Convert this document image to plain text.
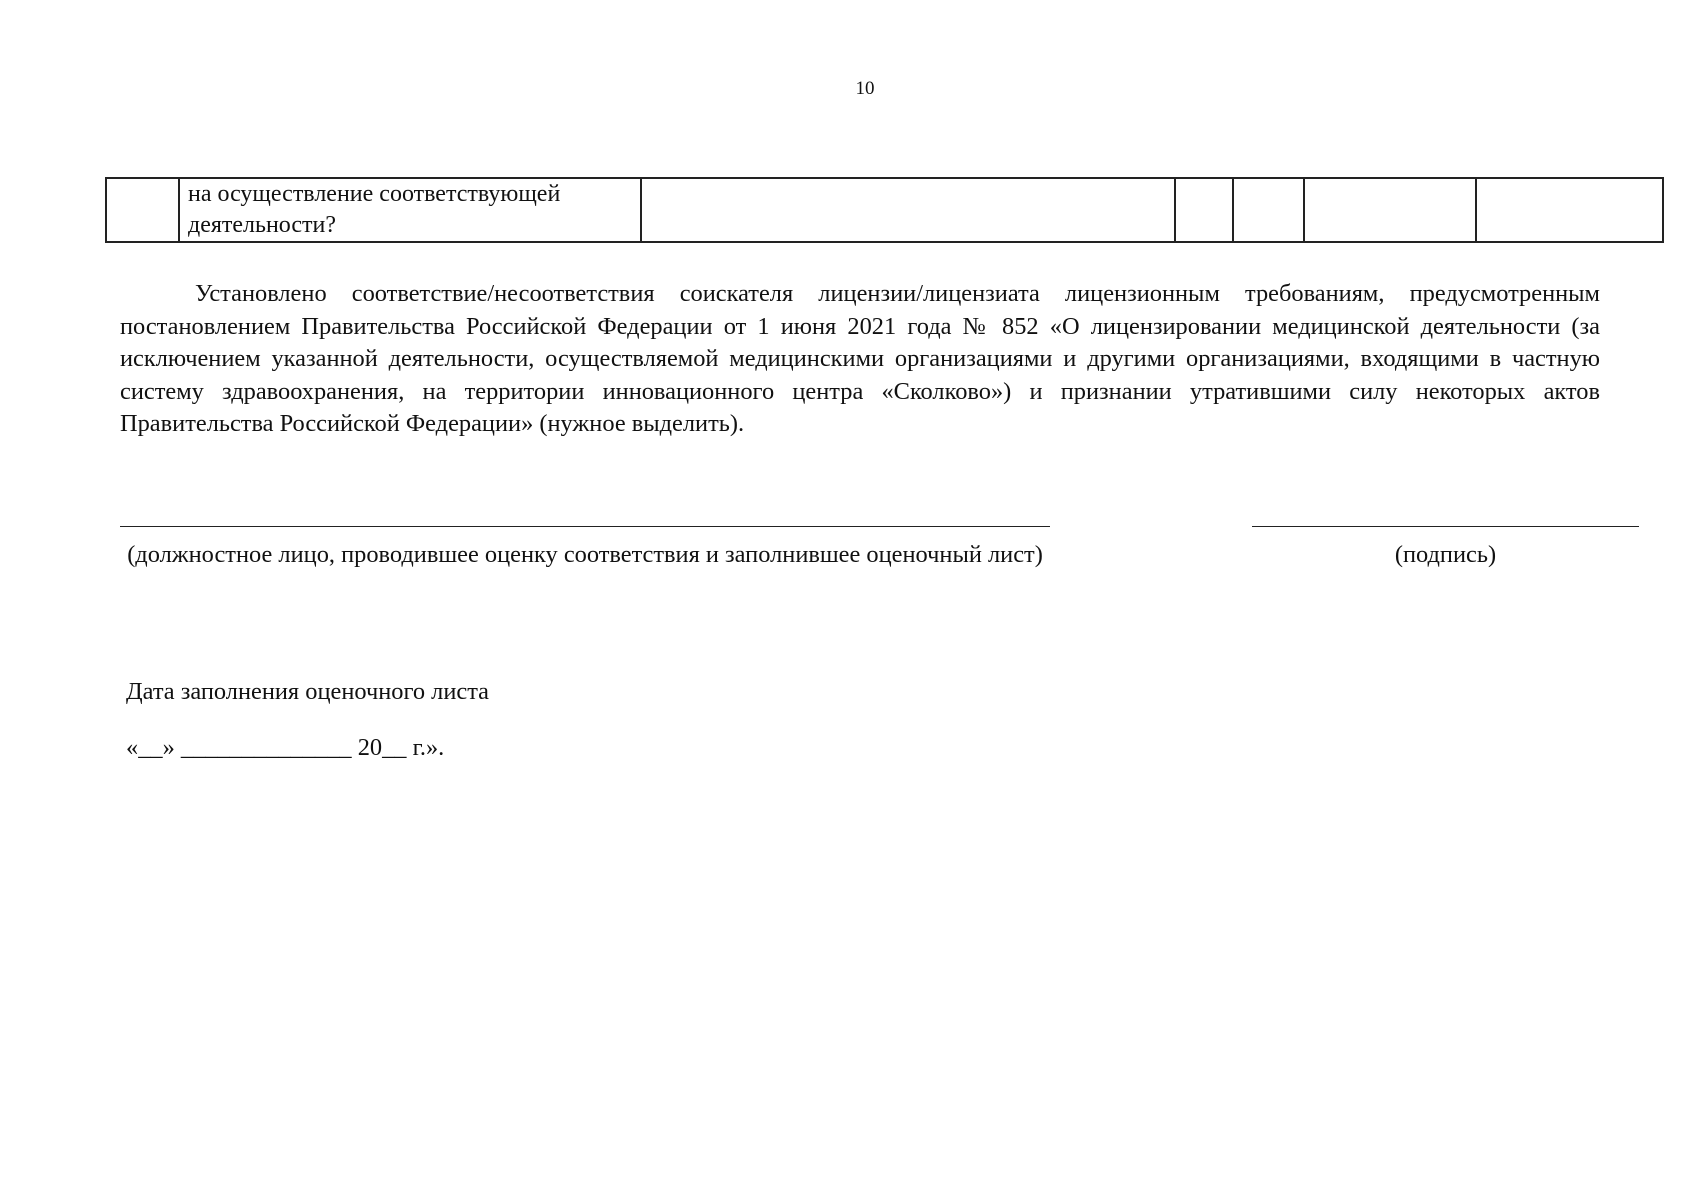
10
	на осуществление соответствующей деятельности?					
Установлено соответствие/несоответствия соискателя лицензии/лицензиата лицензионным требованиям, предусмотренным постановлением Правительства Российской Федерации от 1 июня 2021 года № 852 «О лицензировании медицинской деятельности (за исключением указанной деятельности, осуществляемой медицинскими организациями и другими организациями, входящими в частную систему здравоохранения, на территории инновационного центра «Сколково») и признании утратившими силу некоторых актов Правительства Российской Федерации» (нужное выделить).
(должностное лицо, проводившее оценку соответствия и заполнившее оценочный лист)	(подпись)
Дата заполнения оценочного листа
«__» ______________ 20__ г.».
